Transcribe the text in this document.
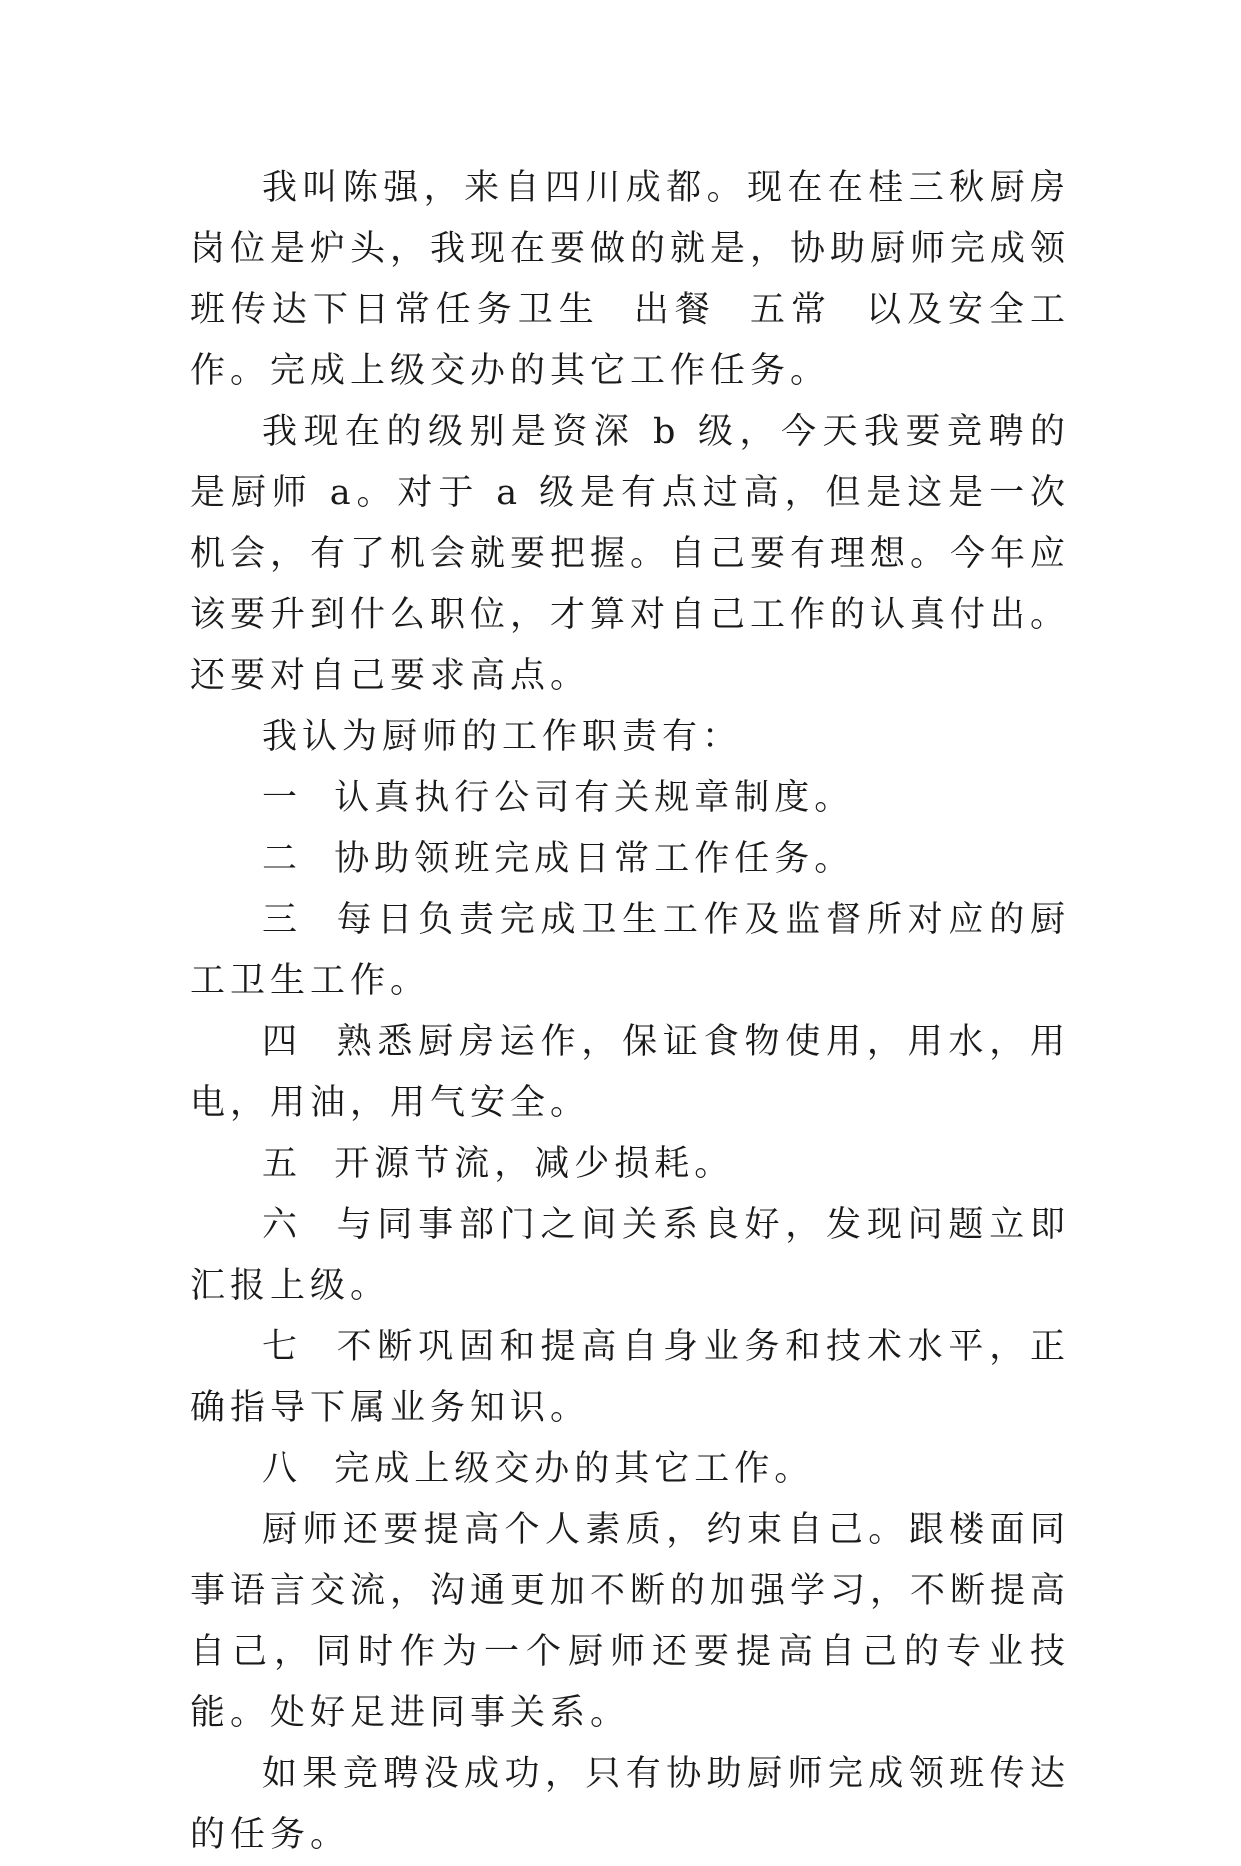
我叫陈强，来自四川成都。现在在桂三秋厨房岗位是炉头，我现在要做的就是，协助厨师完成领班传达下日常任务卫生  出餐  五常  以及安全工作。完成上级交办的其它工作任务。

我现在的级别是资深 b 级，今天我要竞聘的是厨师 a。对于 a 级是有点过高，但是这是一次机会，有了机会就要把握。自己要有理想。今年应该要升到什么职位，才算对自己工作的认真付出。还要对自己要求高点。

我认为厨师的工作职责有：

一  认真执行公司有关规章制度。

二  协助领班完成日常工作任务。

三  每日负责完成卫生工作及监督所对应的厨工卫生工作。

四  熟悉厨房运作，保证食物使用，用水，用电，用油，用气安全。

五  开源节流，减少损耗。

六  与同事部门之间关系良好，发现问题立即汇报上级。

七  不断巩固和提高自身业务和技术水平，正确指导下属业务知识。

八  完成上级交办的其它工作。

厨师还要提高个人素质，约束自己。跟楼面同事语言交流，沟通更加不断的加强学习，不断提高自己，同时作为一个厨师还要提高自己的专业技能。处好足进同事关系。

如果竞聘没成功，只有协助厨师完成领班传达的任务。
